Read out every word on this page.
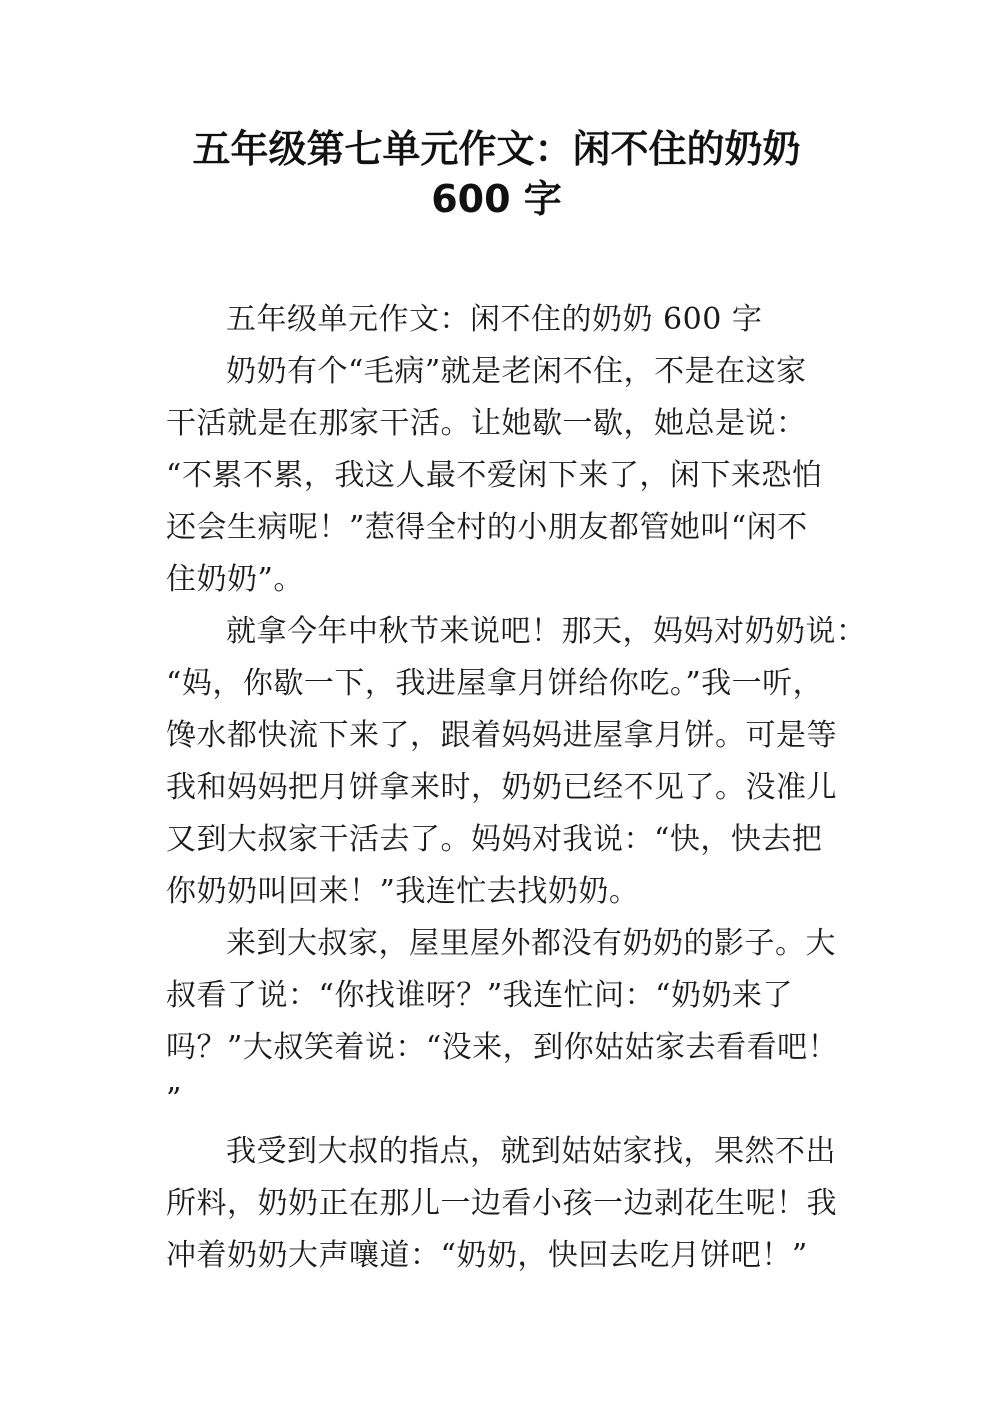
五年级第七单元作文：闲不住的奶奶
600 字

五年级单元作文：闲不住的奶奶 600 字

奶奶有个“毛病”就是老闲不住，不是在这家

干活就是在那家干活。让她歇一歇，她总是说：

“不累不累，我这人最不爱闲下来了，闲下来恐怕

还会生病呢！”惹得全村的小朋友都管她叫“闲不

住奶奶”。

就拿今年中秋节来说吧！那天，妈妈对奶奶说：

“妈，你歇一下，我进屋拿月饼给你吃。”我一听，

馋水都快流下来了，跟着妈妈进屋拿月饼。可是等

我和妈妈把月饼拿来时，奶奶已经不见了。没准儿

又到大叔家干活去了。妈妈对我说：“快，快去把

你奶奶叫回来！”我连忙去找奶奶。

来到大叔家，屋里屋外都没有奶奶的影子。大

叔看了说：“你找谁呀？”我连忙问：“奶奶来了

吗？”大叔笑着说：“没来，到你姑姑家去看看吧！

”

我受到大叔的指点，就到姑姑家找，果然不出

所料，奶奶正在那儿一边看小孩一边剥花生呢！我

冲着奶奶大声嚷道：“奶奶，快回去吃月饼吧！”
